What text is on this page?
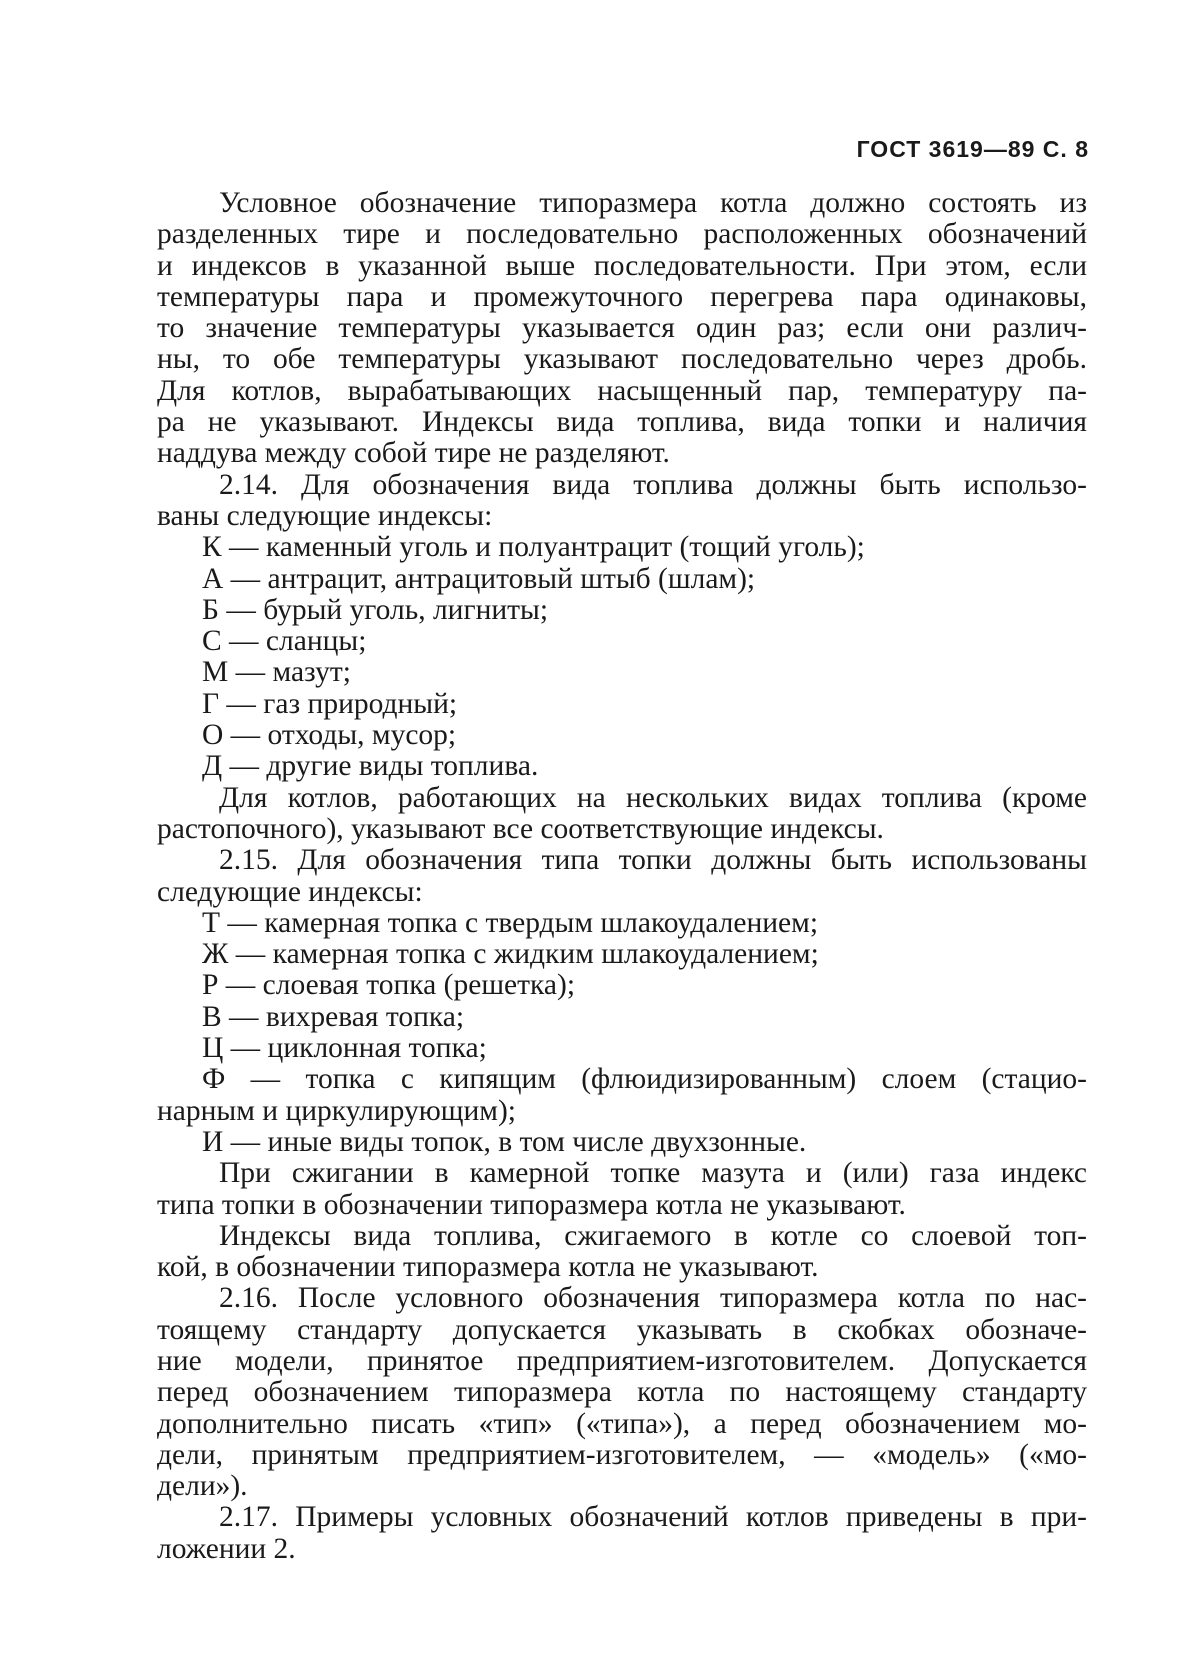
ГОСТ 3619—89 С. 8
Условное обозначение типоразмера котла должно состоять из
разделенных тире и последовательно расположенных обозначений
и индексов в указанной выше последовательности. При этом, если
температуры пара и промежуточного перегрева пара одинаковы,
то значение температуры указывается один раз; если они различ-
ны, то обе температуры указывают последовательно через дробь.
Для котлов, вырабатывающих насыщенный пар, температуру па-
ра не указывают. Индексы вида топлива, вида топки и наличия
наддува между собой тире не разделяют.
2.14. Для обозначения вида топлива должны быть использо-
ваны следующие индексы:
К — каменный уголь и полуантрацит (тощий уголь);
А — антрацит, антрацитовый штыб (шлам);
Б — бурый уголь, лигниты;
С — сланцы;
М — мазут;
Г — газ природный;
О — отходы, мусор;
Д — другие виды топлива.
Для котлов, работающих на нескольких видах топлива (кроме
растопочного), указывают все соответствующие индексы.
2.15. Для обозначения типа топки должны быть использованы
следующие индексы:
Т — камерная топка с твердым шлакоудалением;
Ж — камерная топка с жидким шлакоудалением;
Р — слоевая топка (решетка);
В — вихревая топка;
Ц — циклонная топка;
Ф — топка с кипящим (флюидизированным) слоем (стацио-
нарным и циркулирующим);
И — иные виды топок, в том числе двухзонные.
При сжигании в камерной топке мазута и (или) газа индекс
типа топки в обозначении типоразмера котла не указывают.
Индексы вида топлива, сжигаемого в котле со слоевой топ-
кой, в обозначении типоразмера котла не указывают.
2.16. После условного обозначения типоразмера котла по нас-
тоящему стандарту допускается указывать в скобках обозначе-
ние модели, принятое предприятием-изготовителем. Допускается
перед обозначением типоразмера котла по настоящему стандарту
дополнительно писать «тип» («типа»), а перед обозначением мо-
дели, принятым предприятием-изготовителем, — «модель» («мо-
дели»).
2.17. Примеры условных обозначений котлов приведены в при-
ложении 2.
